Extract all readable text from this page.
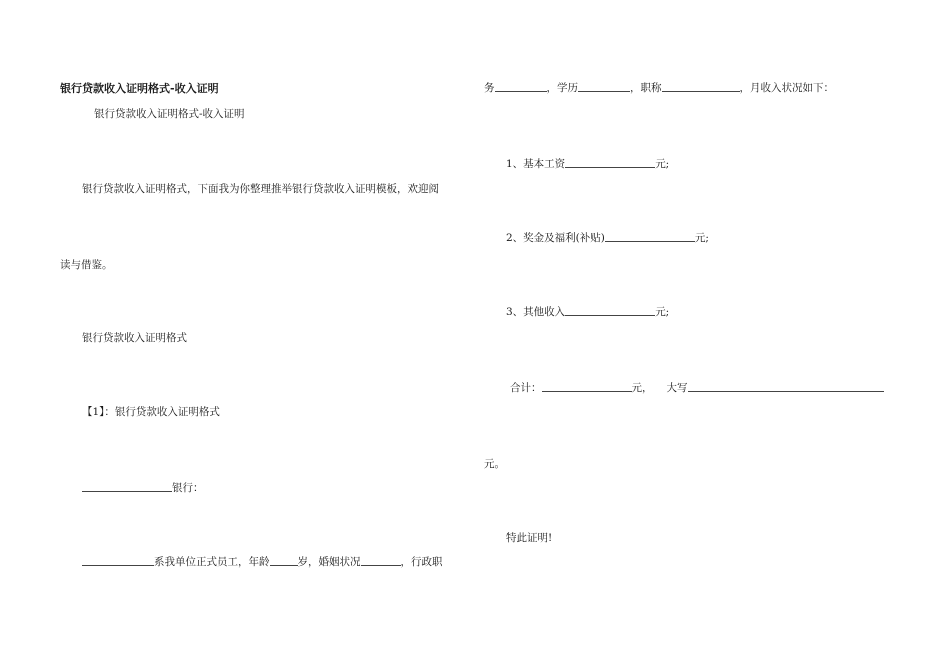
银行贷款收入证明格式-收入证明
银行贷款收入证明格式-收入证明
银行贷款收入证明格式，下面我为你整理推举银行贷款收入证明模板，欢迎阅
读与借鉴。
银行贷款收入证明格式
【1】：银行贷款收入证明格式
银行：
系我单位正式员工，年龄	岁，婚姻状况	，行政职
务	，学历	，职称	，月收入状况如下：
1、基本工资	元;
2、奖金及福利(补贴)	元;
3、其他收入	元;
合计：	元， 大写
元。
特此证明!
